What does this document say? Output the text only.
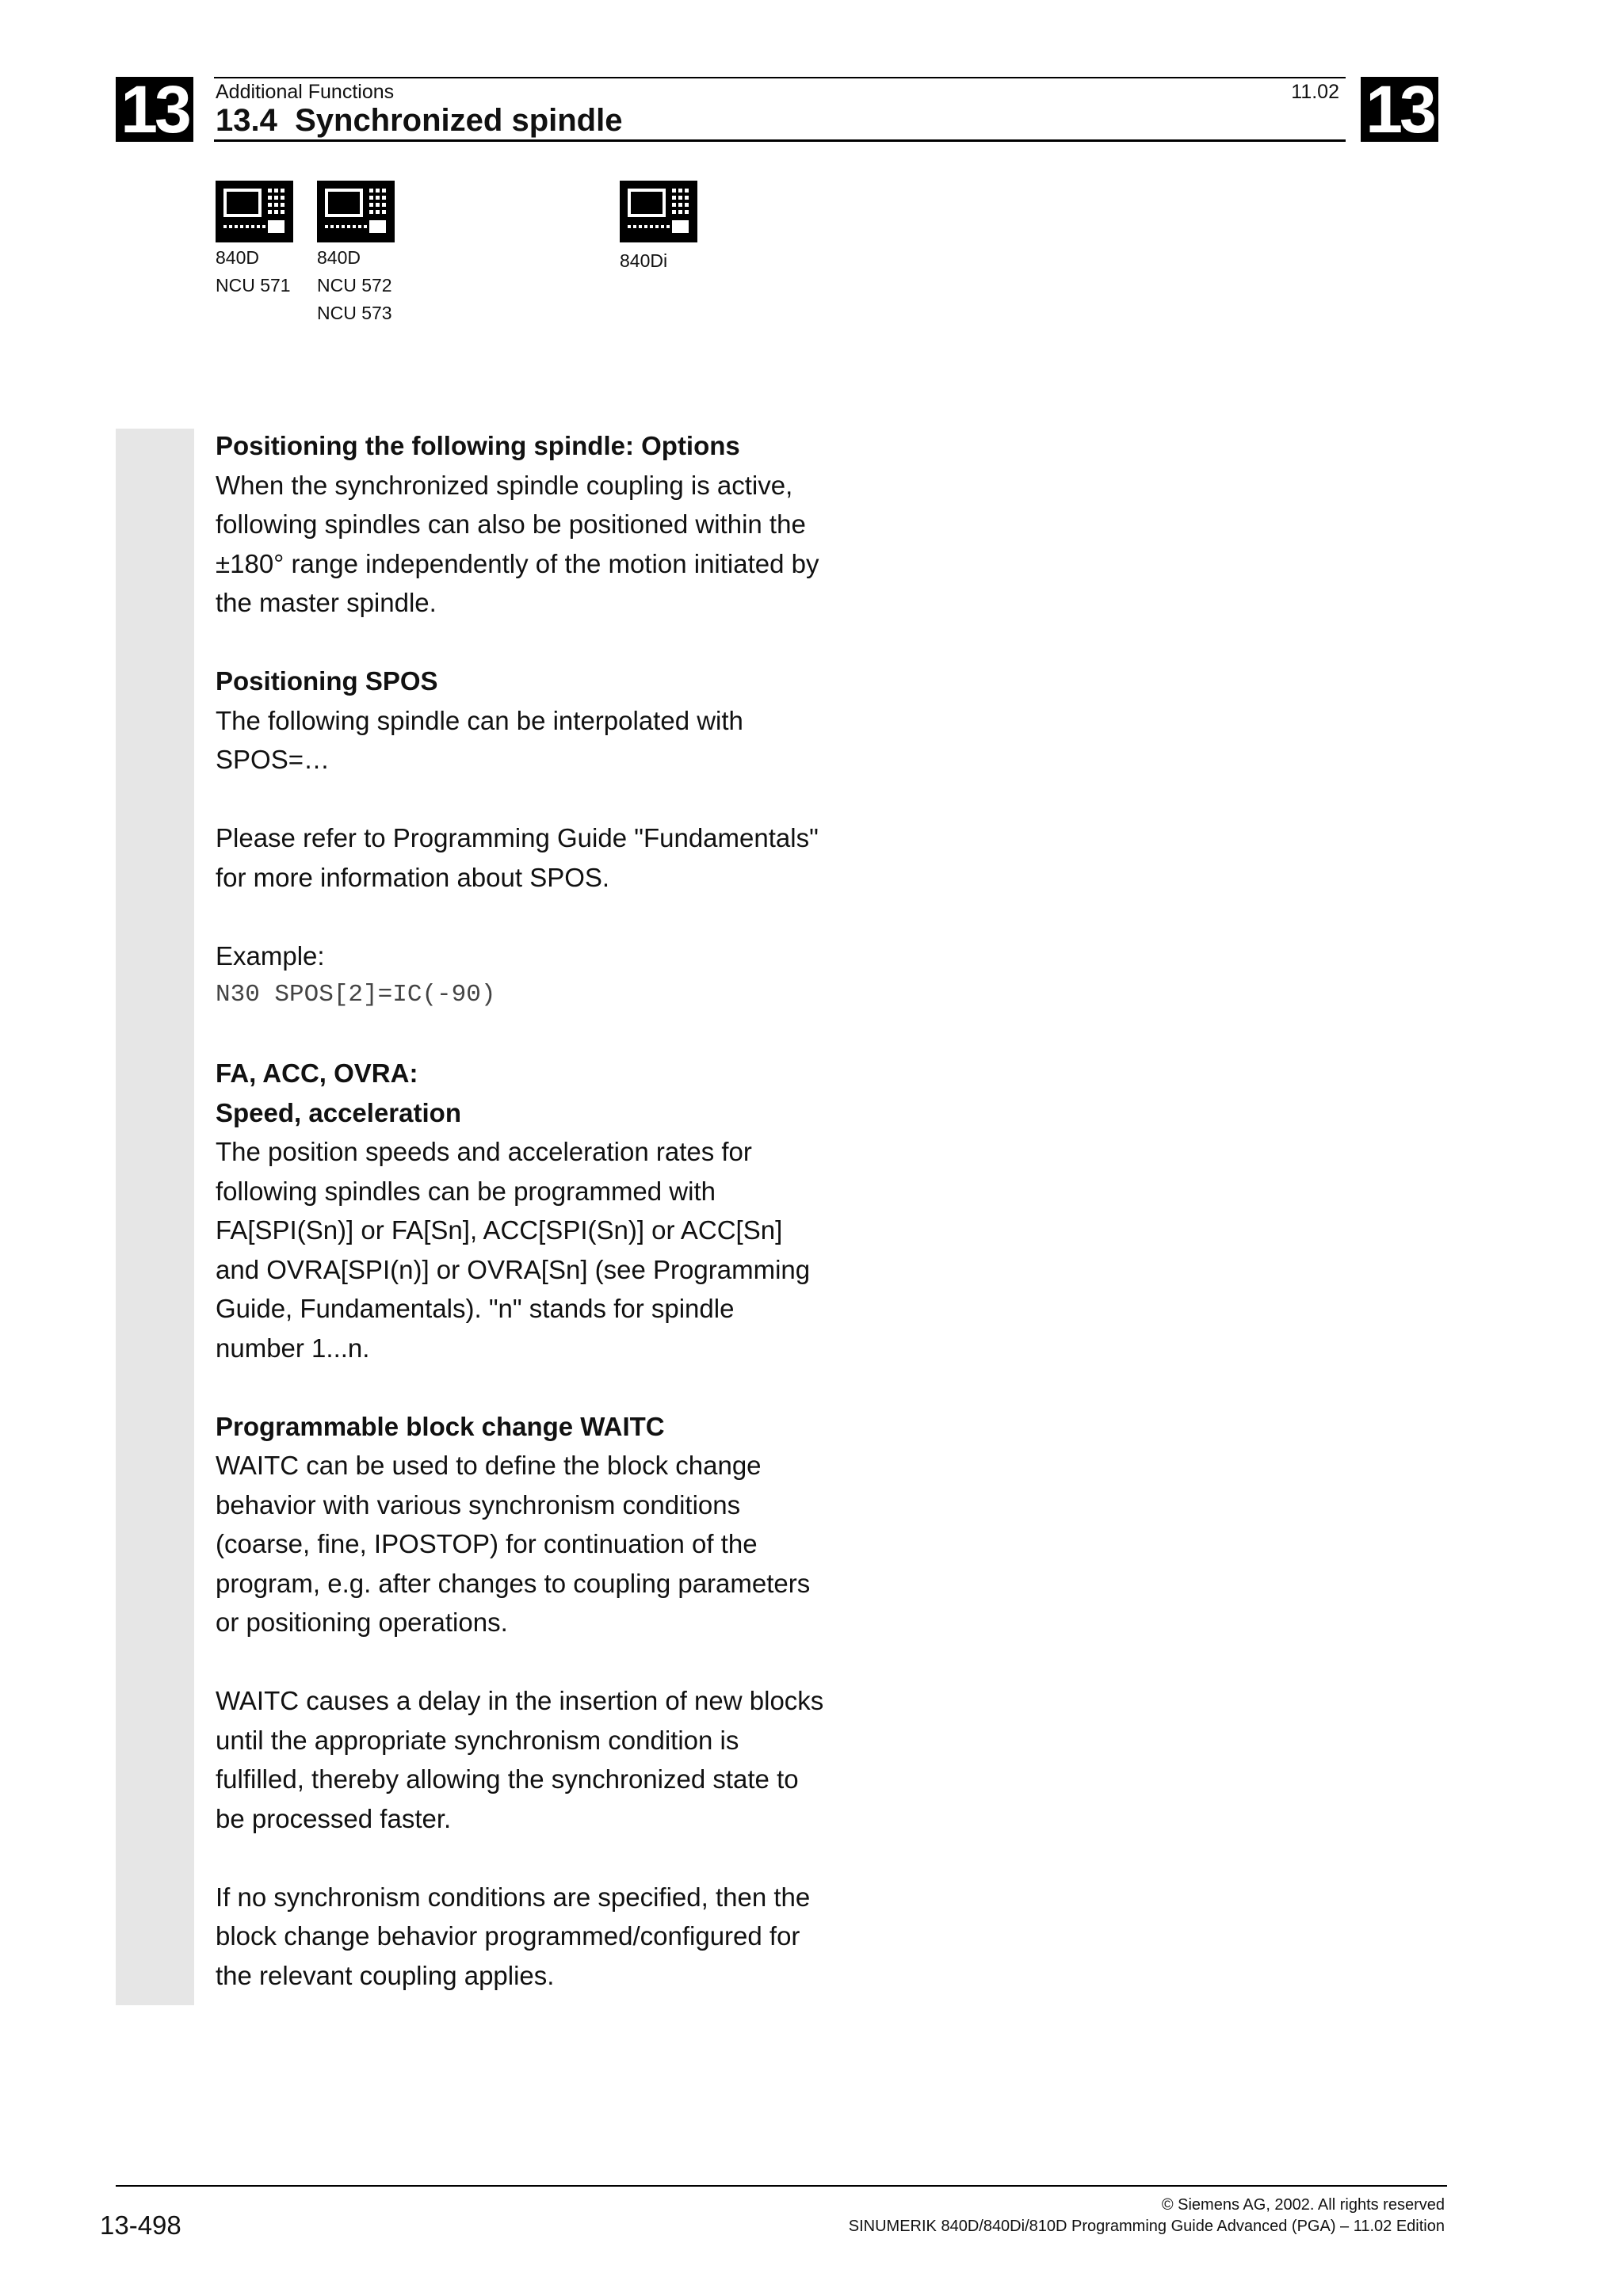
13	13
Additional Functions	11.02
13.4  Synchronized spindle
840D
NCU 571
840D
NCU 572
NCU 573
840Di

Positioning the following spindle: Options

When the synchronized spindle coupling is active,

following spindles can also be positioned within the

±180° range independently of the motion initiated by

the master spindle.

Positioning SPOS

The following spindle can be interpolated with

SPOS=…

Please refer to Programming Guide "Fundamentals"

for more information about SPOS.

Example:

N30 SPOS[2]=IC(-90)

FA, ACC, OVRA:

Speed, acceleration

The position speeds and acceleration rates for

following spindles can be programmed with

FA[SPI(Sn)] or FA[Sn], ACC[SPI(Sn)] or ACC[Sn]

and OVRA[SPI(n)] or OVRA[Sn] (see Programming

Guide, Fundamentals). "n" stands for spindle

number 1...n.

Programmable block change WAITC

WAITC can be used to define the block change

behavior with various synchronism conditions

(coarse, fine, IPOSTOP) for continuation of the

program, e.g. after changes to coupling parameters

or positioning operations.

WAITC causes a delay in the insertion of new blocks

until the appropriate synchronism condition is

fulfilled, thereby allowing the synchronized state to

be processed faster.

If no synchronism conditions are specified, then the

block change behavior programmed/configured for

the relevant coupling applies.

© Siemens AG, 2002. All rights reserved
SINUMERIK 840D/840Di/810D Programming Guide Advanced (PGA) – 11.02 Edition
13-498
